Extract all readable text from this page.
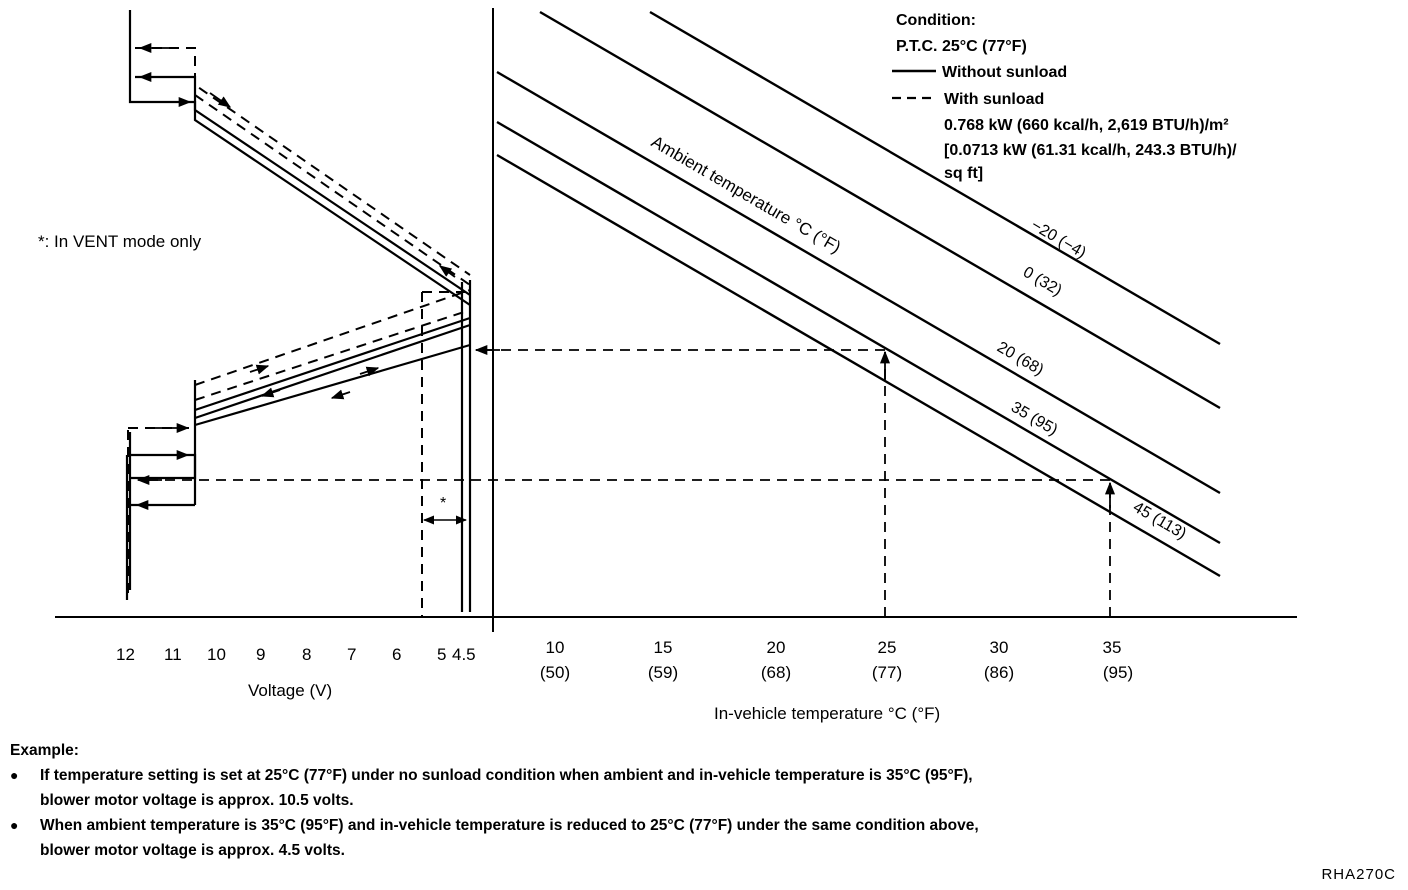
*
12 11 10 9 8 7 6 5 4.5
Voltage (V)
10
(50)
15
(59)
20
(68)
25
(77)
30
(86)
35
(95)
In-vehicle temperature °C (°F)
*: In VENT mode only	Ambient temperature °C (°F)	−20 (−4)
0 (32)
20 (68)
35 (95)
45 (113)
Condition:
P.T.C. 25°C (77°F)
Without sunload
With sunload
0.768 kW (660 kcal/h, 2,619 BTU/h)/m²
[0.0713 kW (61.31 kcal/h, 243.3 BTU/h)/
sq ft]
Example:
●	If temperature setting is set at 25°C (77°F) under no sunload condition when ambient and in-vehicle temperature is 35°C (95°F),
blower motor voltage is approx. 10.5 volts.
●	When ambient temperature is 35°C (95°F) and in-vehicle temperature is reduced to 25°C (77°F) under the same condition above,
blower motor voltage is approx. 4.5 volts.
RHA270C
